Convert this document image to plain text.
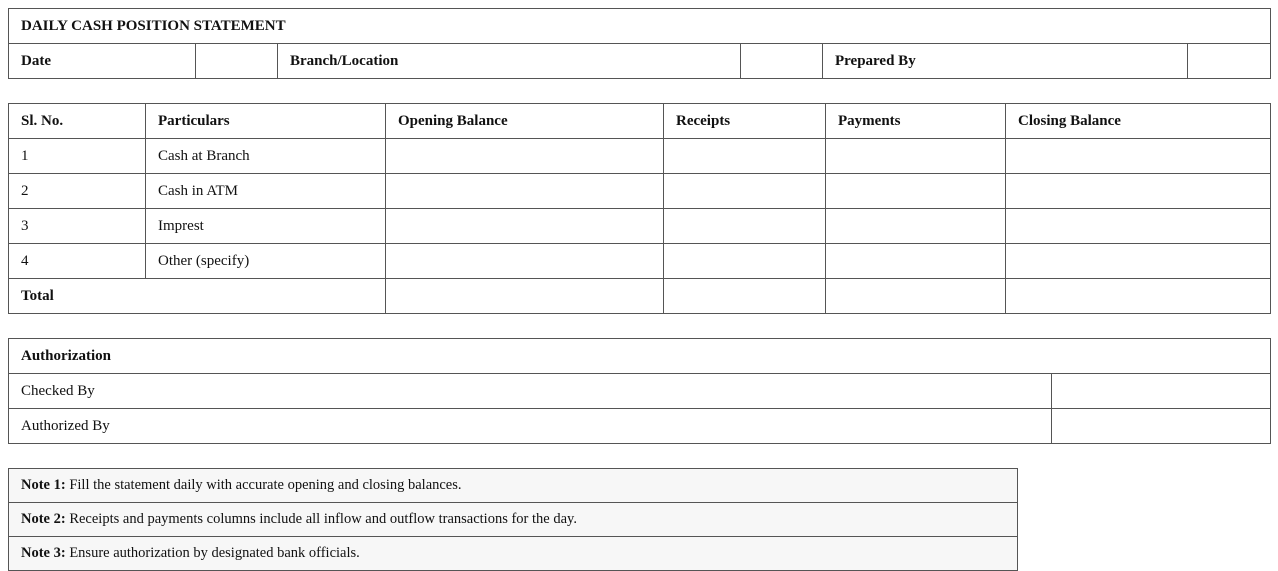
DAILY CASH POSITION STATEMENT
Date		Branch/Location		Prepared By	
Sl. No.	Particulars	Opening Balance	Receipts	Payments	Closing Balance
1	Cash at Branch				
2	Cash in ATM				
3	Imprest				
4	Other (specify)				
Total					
Authorization	
Checked By	
Authorized By	
Note 1: Fill the statement daily with accurate opening and closing balances.
Note 2: Receipts and payments columns include all inflow and outflow transactions for the day.
Note 3: Ensure authorization by designated bank officials.
